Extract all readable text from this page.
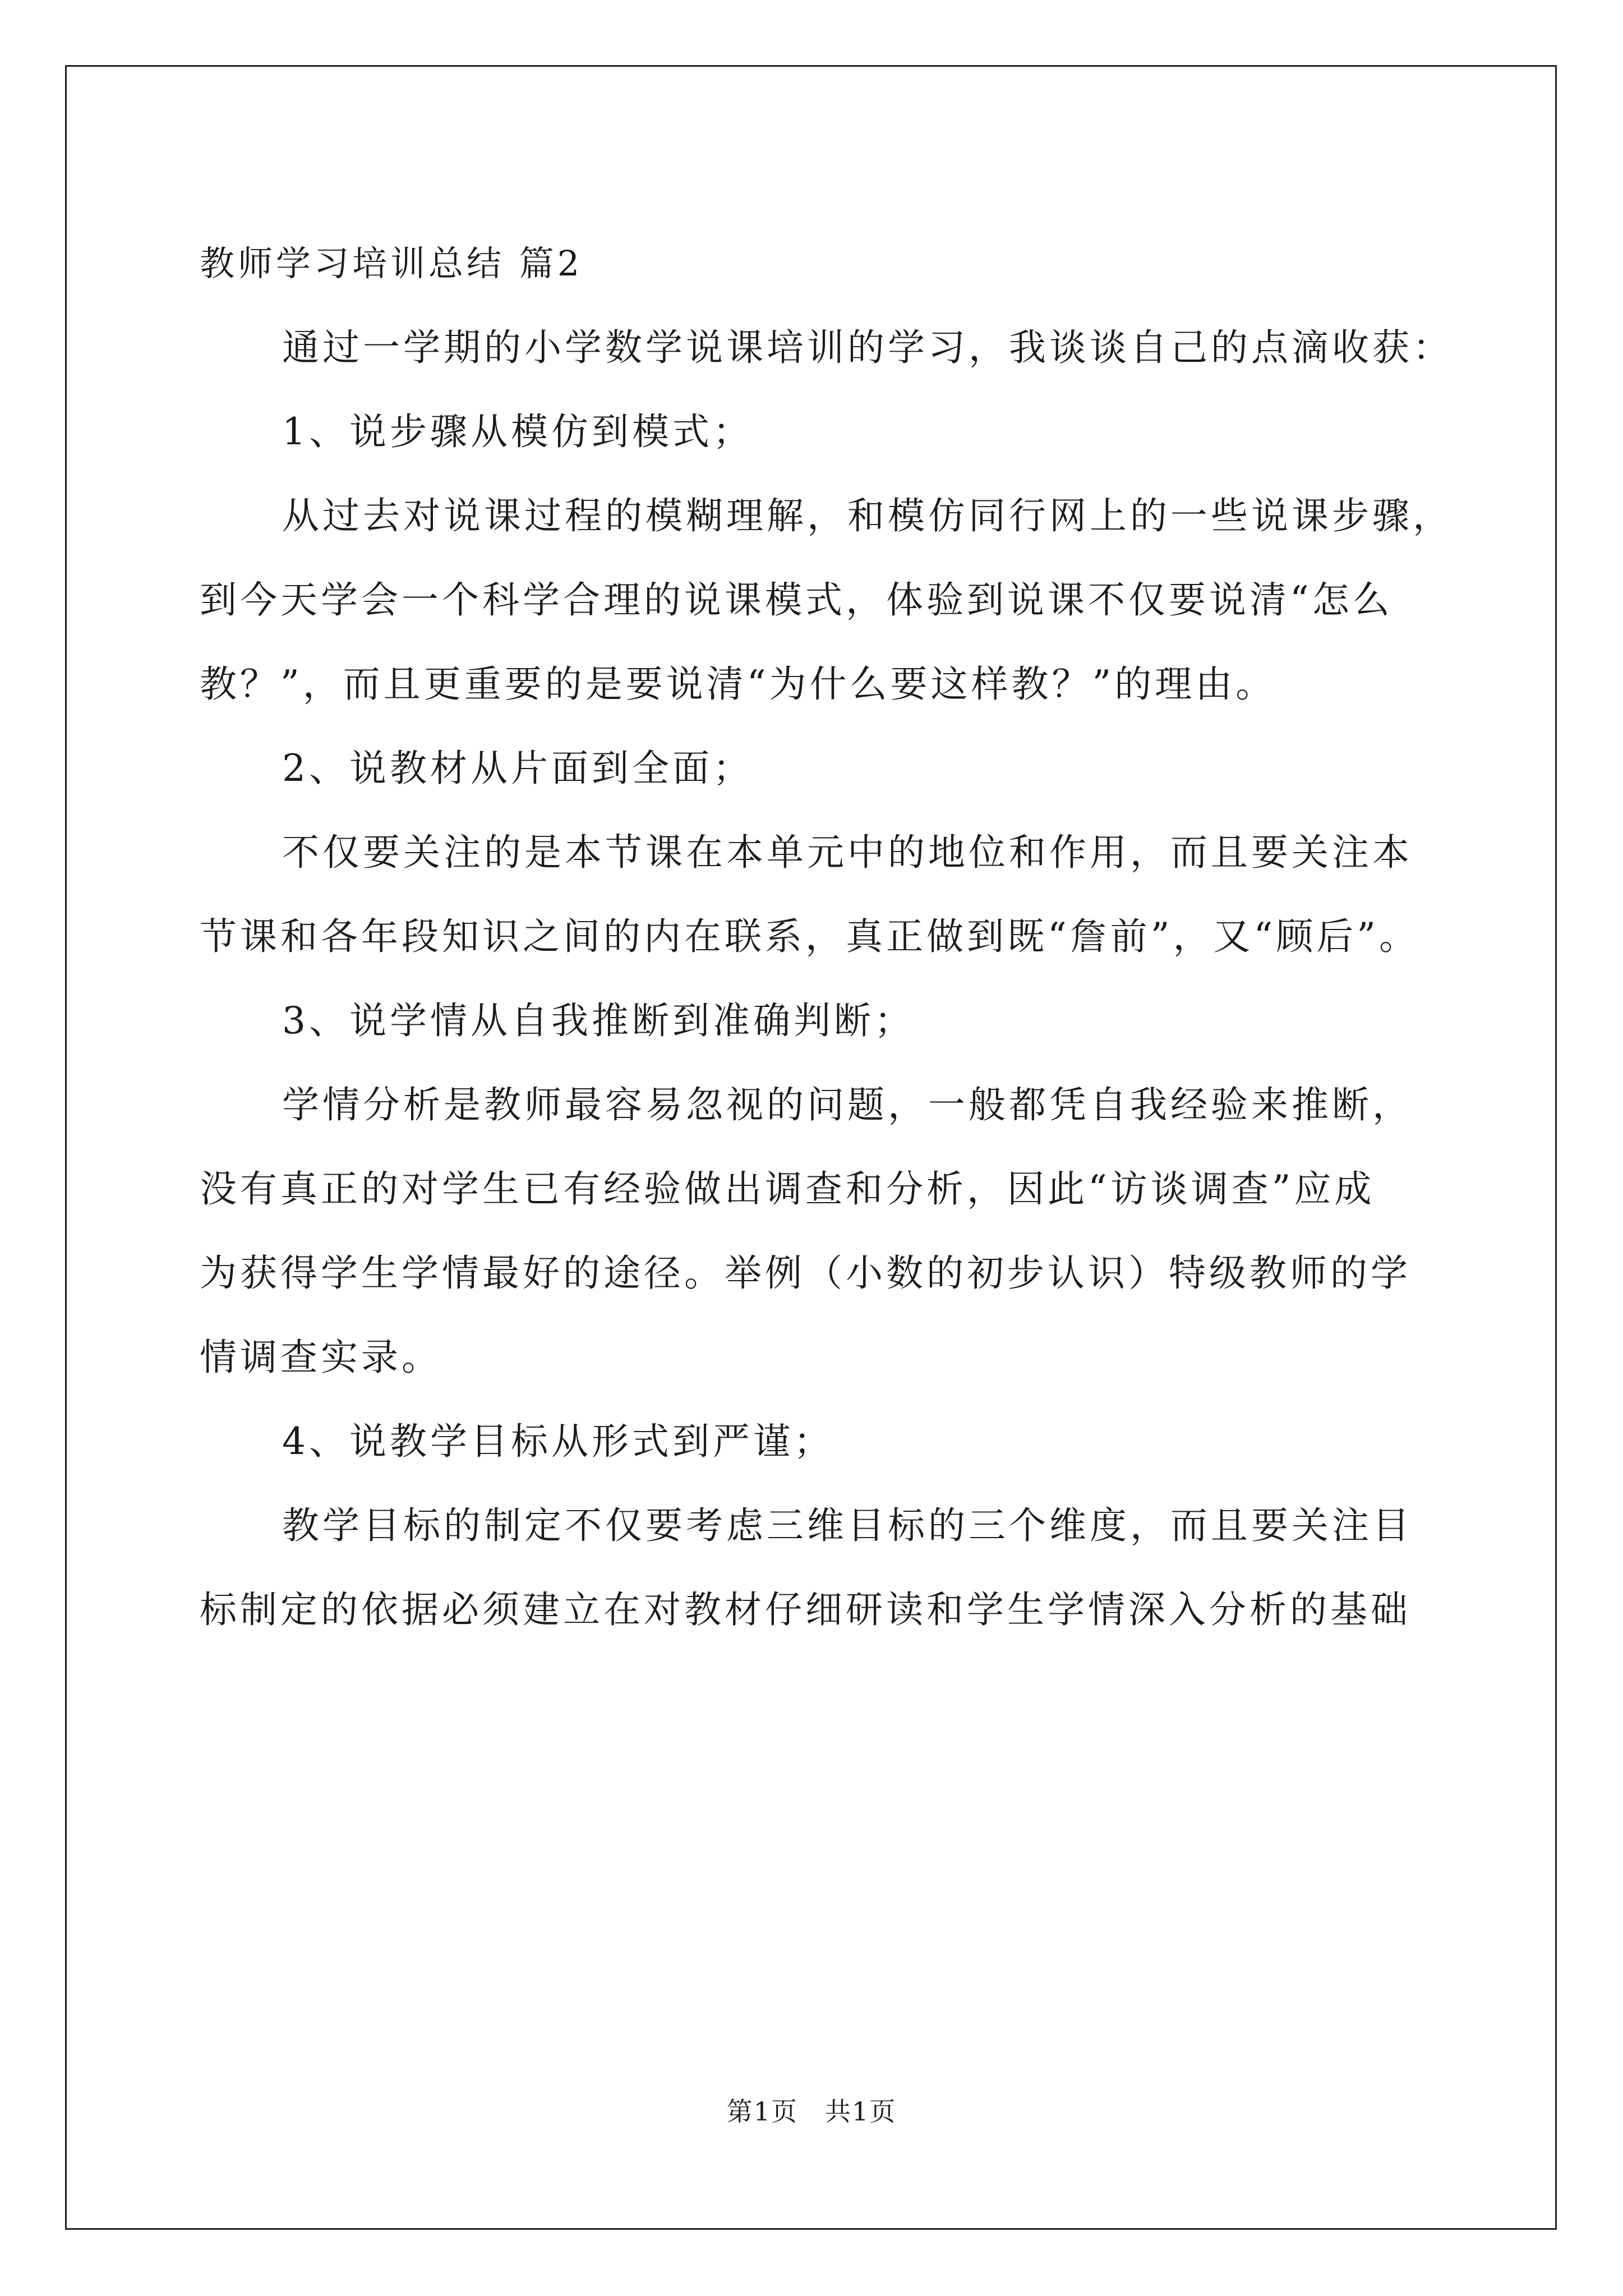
教师学习培训总结 篇2
通过一学期的小学数学说课培训的学习，我谈谈自己的点滴收获：
1、说步骤从模仿到模式；
从过去对说课过程的模糊理解，和模仿同行网上的一些说课步骤，
到今天学会一个科学合理的说课模式，体验到说课不仅要说清“怎么
教？”，而且更重要的是要说清“为什么要这样教？”的理由。
2、说教材从片面到全面；
不仅要关注的是本节课在本单元中的地位和作用，而且要关注本
节课和各年段知识之间的内在联系，真正做到既“詹前”，又“顾后”。
3、说学情从自我推断到准确判断；
学情分析是教师最容易忽视的问题，一般都凭自我经验来推断，
没有真正的对学生已有经验做出调查和分析，因此“访谈调查”应成
为获得学生学情最好的途径。举例（小数的初步认识）特级教师的学
情调查实录。
4、说教学目标从形式到严谨；
教学目标的制定不仅要考虑三维目标的三个维度，而且要关注目
标制定的依据必须建立在对教材仔细研读和学生学情深入分析的基础
第1页　共1页
